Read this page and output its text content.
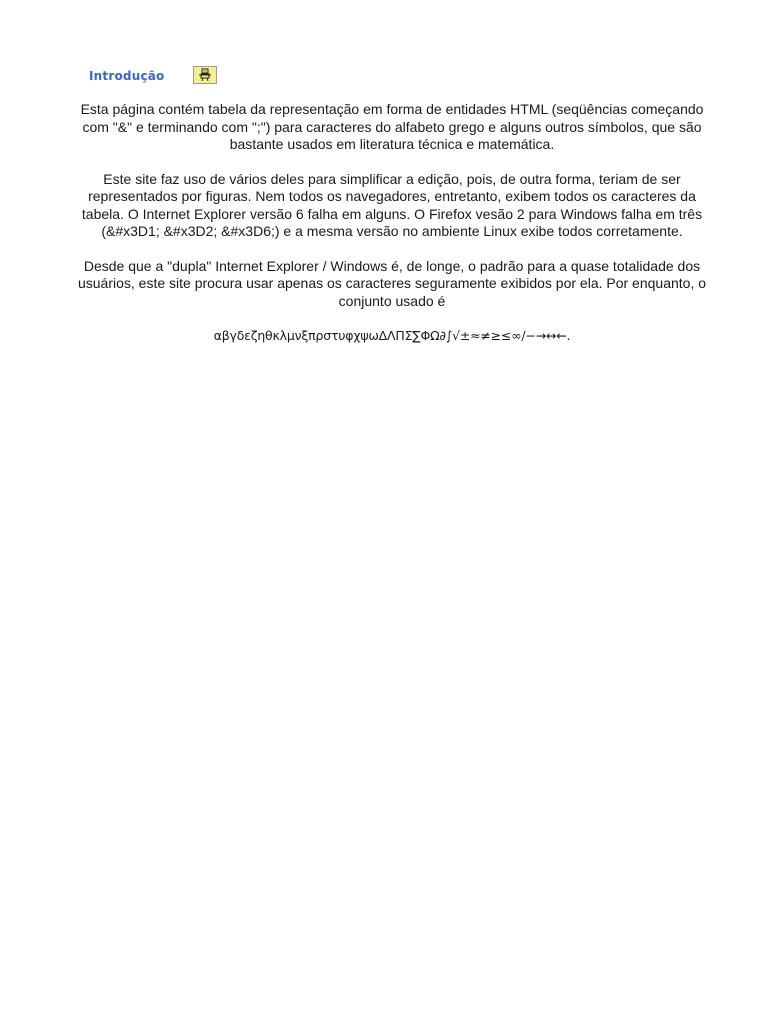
Introdução

Esta página contém tabela da representação em forma de entidades HTML (seqüências começando com "&" e terminando com ";") para caracteres do alfabeto grego e alguns outros símbolos, que são bastante usados em literatura técnica e matemática.

Este site faz uso de vários deles para simplificar a edição, pois, de outra forma, teriam de ser representados por figuras. Nem todos os navegadores, entretanto, exibem todos os caracteres da tabela. O Internet Explorer versão 6 falha em alguns. O Firefox vesão 2 para Windows falha em três (&#x3D1; &#x3D2; &#x3D6;) e a mesma versão no ambiente Linux exibe todos corretamente.

Desde que a "dupla" Internet Explorer / Windows é, de longe, o padrão para a quase totalidade dos usuários, este site procura usar apenas os caracteres seguramente exibidos por ela. Por enquanto, o conjunto usado é

αβγδεζηθκλμνξπρστυφχψωΔΛΠΣ∑ΦΩ∂∫√±≈≠≥≤∞∕−→↔←.
